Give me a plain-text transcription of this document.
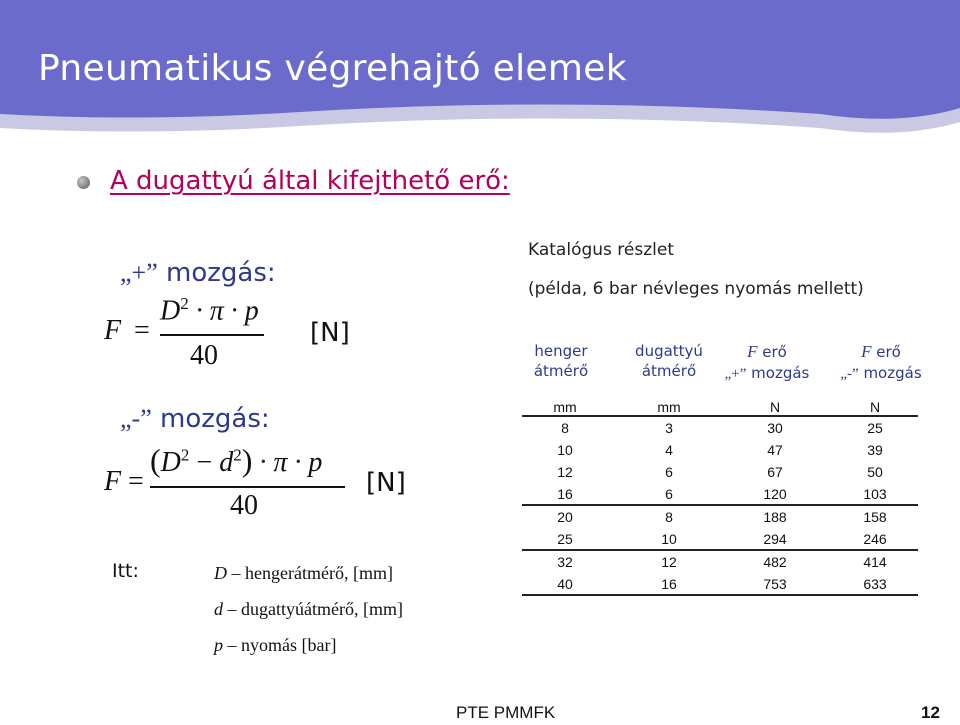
Pneumatikus végrehajtó elemek
A dugattyú által kifejthető erő:
„+” mozgás:
F =
$D^2 \cdot \pi \cdot p$
40
[N]
„-” mozgás:
F =
$(D^2 - d^2) \cdot \pi \cdot p$
40
[N]
Itt:	D – hengerátmérő, [mm]
d – dugattyúátmérő, [mm]
p – nyomás [bar]
Katalógus részlet
(példa, 6 bar névleges nyomás mellett)
henger
átmérő
dugattyú
átmérő
F erő
„+” mozgás
F erő
„-” mozgás
mm	mm	N	N
8	3	30	25
10	4	47	39
12	6	67	50
16	6	120	103
20	8	188	158
25	10	294	246
32	12	482	414
40	16	753	633
PTE PMMFK	12
